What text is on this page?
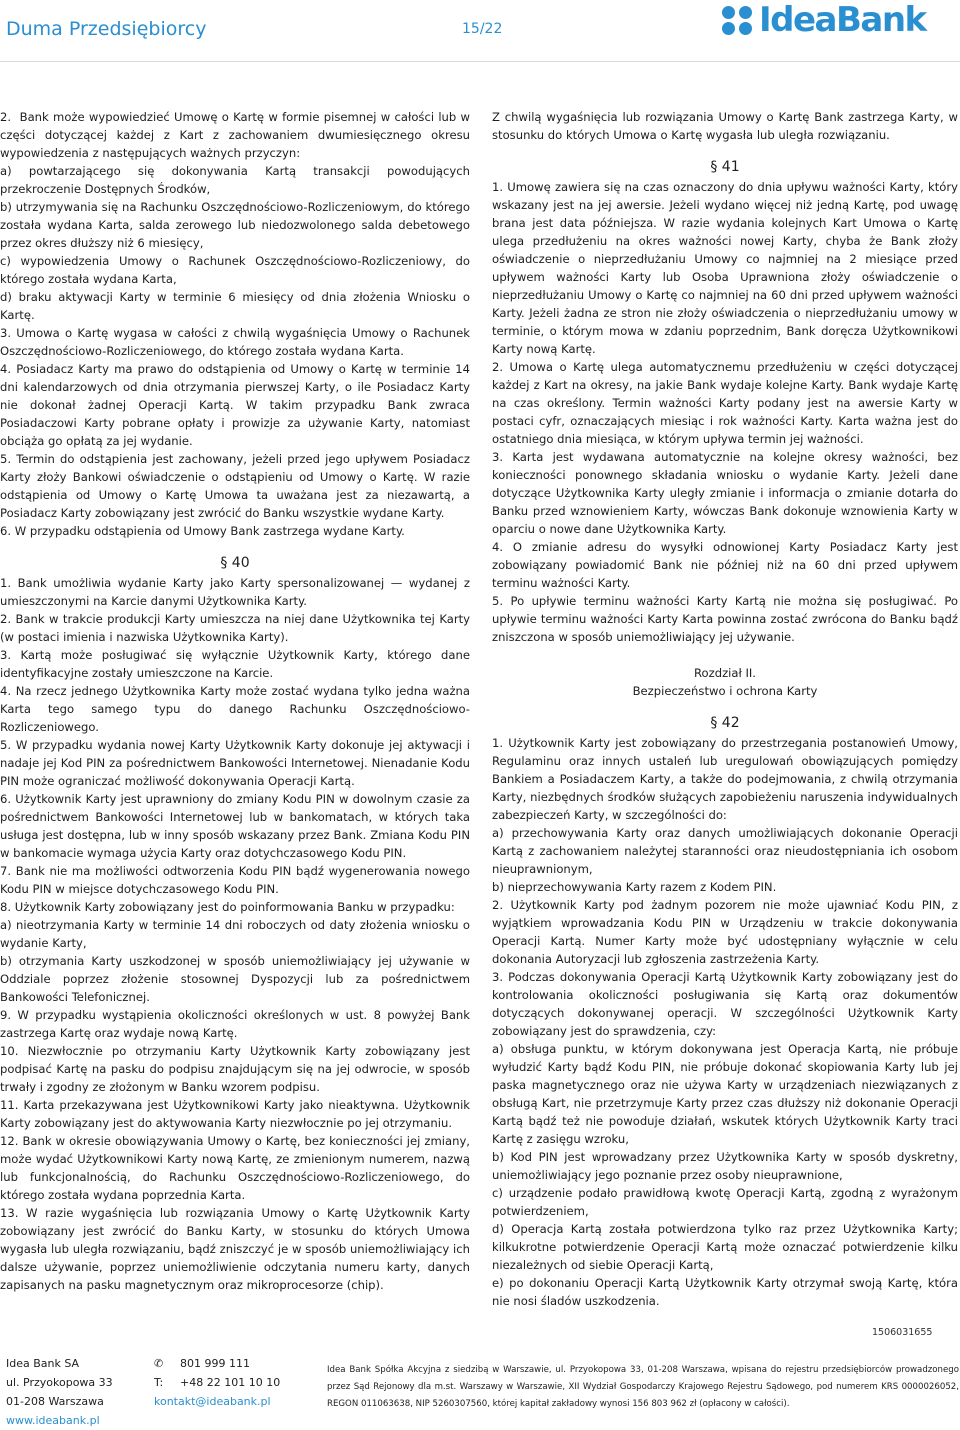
Duma Przedsiębiorcy	15/22	IdeaBank
2. Bank może wypowiedzieć Umowę o Kartę w formie pisemnej w całości lub w części dotyczącej każdej z Kart z zachowaniem dwumiesięcznego okresu wypowiedzenia z następujących ważnych przyczyn:
a) powtarzającego się dokonywania Kartą transakcji powodujących przekroczenie Dostępnych Środków,
b) utrzymywania się na Rachunku Oszczędnościowo-Rozliczeniowym, do którego została wydana Karta, salda zerowego lub niedozwolonego salda debetowego przez okres dłuższy niż 6 miesięcy,
c) wypowiedzenia Umowy o Rachunek Oszczędnościowo-Rozliczeniowy, do którego została wydana Karta,
d) braku aktywacji Karty w terminie 6 miesięcy od dnia złożenia Wniosku o Kartę.
3. Umowa o Kartę wygasa w całości z chwilą wygaśnięcia Umowy o Rachunek Oszczędnościowo-Rozliczeniowego, do którego została wydana Karta.
4. Posiadacz Karty ma prawo do odstąpienia od Umowy o Kartę w terminie 14 dni kalendarzowych od dnia otrzymania pierwszej Karty, o ile Posiadacz Karty nie dokonał żadnej Operacji Kartą. W takim przypadku Bank zwraca Posiadaczowi Karty pobrane opłaty i prowizje za używanie Karty, natomiast obciąża go opłatą za jej wydanie.
5. Termin do odstąpienia jest zachowany, jeżeli przed jego upływem Posiadacz Karty złoży Bankowi oświadczenie o odstąpieniu od Umowy o Kartę. W razie odstąpienia od Umowy o Kartę Umowa ta uważana jest za niezawartą, a Posiadacz Karty zobowiązany jest zwrócić do Banku wszystkie wydane Karty.
6. W przypadku odstąpienia od Umowy Bank zastrzega wydane Karty.
§ 40
1. Bank umożliwia wydanie Karty jako Karty spersonalizowanej — wydanej z umieszczonymi na Karcie danymi Użytkownika Karty.
2. Bank w trakcie produkcji Karty umieszcza na niej dane Użytkownika tej Karty (w postaci imienia i nazwiska Użytkownika Karty).
3. Kartą może posługiwać się wyłącznie Użytkownik Karty, którego dane identyfikacyjne zostały umieszczone na Karcie.
4. Na rzecz jednego Użytkownika Karty może zostać wydana tylko jedna ważna Karta tego samego typu do danego Rachunku Oszczędnościowo-Rozliczeniowego.
5. W przypadku wydania nowej Karty Użytkownik Karty dokonuje jej aktywacji i nadaje jej Kod PIN za pośrednictwem Bankowości Internetowej. Nienadanie Kodu PIN może ograniczać możliwość dokonywania Operacji Kartą.
6. Użytkownik Karty jest uprawniony do zmiany Kodu PIN w dowolnym czasie za pośrednictwem Bankowości Internetowej lub w bankomatach, w których taka usługa jest dostępna, lub w inny sposób wskazany przez Bank. Zmiana Kodu PIN w bankomacie wymaga użycia Karty oraz dotychczasowego Kodu PIN.
7. Bank nie ma możliwości odtworzenia Kodu PIN bądź wygenerowania nowego Kodu PIN w miejsce dotychczasowego Kodu PIN.
8. Użytkownik Karty zobowiązany jest do poinformowania Banku w przypadku:
a) nieotrzymania Karty w terminie 14 dni roboczych od daty złożenia wniosku o wydanie Karty,
b) otrzymania Karty uszkodzonej w sposób uniemożliwiający jej używanie w Oddziale poprzez złożenie stosownej Dyspozycji lub za pośrednictwem Bankowości Telefonicznej.
9. W przypadku wystąpienia okoliczności określonych w ust. 8 powyżej Bank zastrzega Kartę oraz wydaje nową Kartę.
10. Niezwłocznie po otrzymaniu Karty Użytkownik Karty zobowiązany jest podpisać Kartę na pasku do podpisu znajdującym się na jej odwrocie, w sposób trwały i zgodny ze złożonym w Banku wzorem podpisu.
11. Karta przekazywana jest Użytkownikowi Karty jako nieaktywna. Użytkownik Karty zobowiązany jest do aktywowania Karty niezwłocznie po jej otrzymaniu.
12. Bank w okresie obowiązywania Umowy o Kartę, bez konieczności jej zmiany, może wydać Użytkownikowi Karty nową Kartę, ze zmienionym numerem, nazwą lub funkcjonalnością, do Rachunku Oszczędnościowo-Rozliczeniowego, do którego została wydana poprzednia Karta.
13. W razie wygaśnięcia lub rozwiązania Umowy o Kartę Użytkownik Karty zobowiązany jest zwrócić do Banku Karty, w stosunku do których Umowa wygasła lub uległa rozwiązaniu, bądź zniszczyć je w sposób uniemożliwiający ich dalsze używanie, poprzez uniemożliwienie odczytania numeru karty, danych zapisanych na pasku magnetycznym oraz mikroprocesorze (chip).
Z chwilą wygaśnięcia lub rozwiązania Umowy o Kartę Bank zastrzega Karty, w stosunku do których Umowa o Kartę wygasła lub uległa rozwiązaniu.
§ 41
1. Umowę zawiera się na czas oznaczony do dnia upływu ważności Karty, który wskazany jest na jej awersie. Jeżeli wydano więcej niż jedną Kartę, pod uwagę brana jest data późniejsza. W razie wydania kolejnych Kart Umowa o Kartę ulega przedłużeniu na okres ważności nowej Karty, chyba że Bank złoży oświadczenie o nieprzedłużaniu Umowy co najmniej na 2 miesiące przed upływem ważności Karty lub Osoba Uprawniona złoży oświadczenie o nieprzedłużaniu Umowy o Kartę co najmniej na 60 dni przed upływem ważności Karty. Jeżeli żadna ze stron nie złoży oświadczenia o nieprzedłużaniu umowy w terminie, o którym mowa w zdaniu poprzednim, Bank doręcza Użytkownikowi Karty nową Kartę.
2. Umowa o Kartę ulega automatycznemu przedłużeniu w części dotyczącej każdej z Kart na okresy, na jakie Bank wydaje kolejne Karty. Bank wydaje Kartę na czas określony. Termin ważności Karty podany jest na awersie Karty w postaci cyfr, oznaczających miesiąc i rok ważności Karty. Karta ważna jest do ostatniego dnia miesiąca, w którym upływa termin jej ważności.
3. Karta jest wydawana automatycznie na kolejne okresy ważności, bez konieczności ponownego składania wniosku o wydanie Karty. Jeżeli dane dotyczące Użytkownika Karty uległy zmianie i informacja o zmianie dotarła do Banku przed wznowieniem Karty, wówczas Bank dokonuje wznowienia Karty w oparciu o nowe dane Użytkownika Karty.
4. O zmianie adresu do wysyłki odnowionej Karty Posiadacz Karty jest zobowiązany powiadomić Bank nie później niż na 60 dni przed upływem terminu ważności Karty.
5. Po upływie terminu ważności Karty Kartą nie można się posługiwać. Po upływie terminu ważności Karty Karta powinna zostać zwrócona do Banku bądź zniszczona w sposób uniemożliwiający jej używanie.
Rozdział II.
Bezpieczeństwo i ochrona Karty
§ 42
1. Użytkownik Karty jest zobowiązany do przestrzegania postanowień Umowy, Regulaminu oraz innych ustaleń lub uregulowań obowiązujących pomiędzy Bankiem a Posiadaczem Karty, a także do podejmowania, z chwilą otrzymania Karty, niezbędnych środków służących zapobieżeniu naruszenia indywidualnych zabezpieczeń Karty, w szczególności do:
a) przechowywania Karty oraz danych umożliwiających dokonanie Operacji Kartą z zachowaniem należytej staranności oraz nieudostępniania ich osobom nieuprawnionym,
b) nieprzechowywania Karty razem z Kodem PIN.
2. Użytkownik Karty pod żadnym pozorem nie może ujawniać Kodu PIN, z wyjątkiem wprowadzania Kodu PIN w Urządzeniu w trakcie dokonywania Operacji Kartą. Numer Karty może być udostępniany wyłącznie w celu dokonania Autoryzacji lub zgłoszenia zastrzeżenia Karty.
3. Podczas dokonywania Operacji Kartą Użytkownik Karty zobowiązany jest do kontrolowania okoliczności posługiwania się Kartą oraz dokumentów dotyczących dokonywanej operacji. W szczególności Użytkownik Karty zobowiązany jest do sprawdzenia, czy:
a) obsługa punktu, w którym dokonywana jest Operacja Kartą, nie próbuje wyłudzić Karty bądź Kodu PIN, nie próbuje dokonać skopiowania Karty lub jej paska magnetycznego oraz nie używa Karty w urządzeniach niezwiązanych z obsługą Kart, nie przetrzymuje Karty przez czas dłuższy niż dokonanie Operacji Kartą bądź też nie powoduje działań, wskutek których Użytkownik Karty traci Kartę z zasięgu wzroku,
b) Kod PIN jest wprowadzany przez Użytkownika Karty w sposób dyskretny, uniemożliwiający jego poznanie przez osoby nieuprawnione,
c) urządzenie podało prawidłową kwotę Operacji Kartą, zgodną z wyrażonym potwierdzeniem,
d) Operacja Kartą została potwierdzona tylko raz przez Użytkownika Karty; kilkukrotne potwierdzenie Operacji Kartą może oznaczać potwierdzenie kilku niezależnych od siebie Operacji Kartą,
e) po dokonaniu Operacji Kartą Użytkownik Karty otrzymał swoją Kartę, która nie nosi śladów uszkodzenia.
1506031655
Idea Bank SA
ul. Przyokopowa 33
01-208 Warszawa
www.ideabank.pl
✆	801 999 111
T:	+48 22 101 10 10
kontakt@ideabank.pl
Idea Bank Spółka Akcyjna z siedzibą w Warszawie, ul. Przyokopowa 33, 01-208 Warszawa, wpisana do rejestru przedsiębiorców prowadzonego przez Sąd Rejonowy dla m.st. Warszawy w Warszawie, XII Wydział Gospodarczy Krajowego Rejestru Sądowego, pod numerem KRS 0000026052, REGON 011063638, NIP 5260307560, której kapitał zakładowy wynosi 156 803 962 zł (opłacony w całości).
